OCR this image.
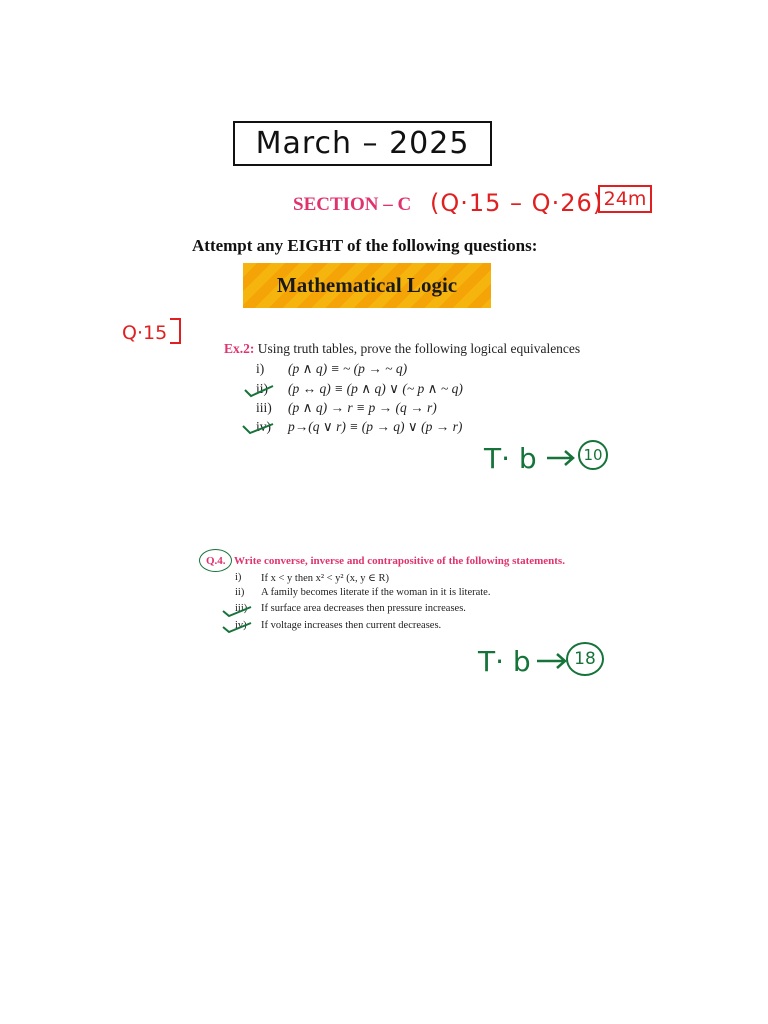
March – 2025
SECTION – C (Q·15 – Q·26) 24m
Attempt any EIGHT of the following questions:
Mathematical Logic
Q·15
Ex.2: Using truth tables, prove the following logical equivalences
i)	(p ∧ q) ≡ ~ (p → ~ q)
ii)	(p ↔ q) ≡ (p ∧ q) ∨ (~ p ∧ ~ q)
iii)	(p ∧ q) → r ≡ p → (q → r)
iv)	p→(q ∨ r) ≡ (p → q) ∨ (p → r)
T· b	10
Q.4. Write converse, inverse and contrapositive of the following statements.
i)	If x < y then x² < y² (x, y ∈ R)
ii)	A family becomes literate if the woman in it is literate.
iii)	If surface area decreases then pressure increases.
iv)	If voltage increases then current decreases.
T· b	18
